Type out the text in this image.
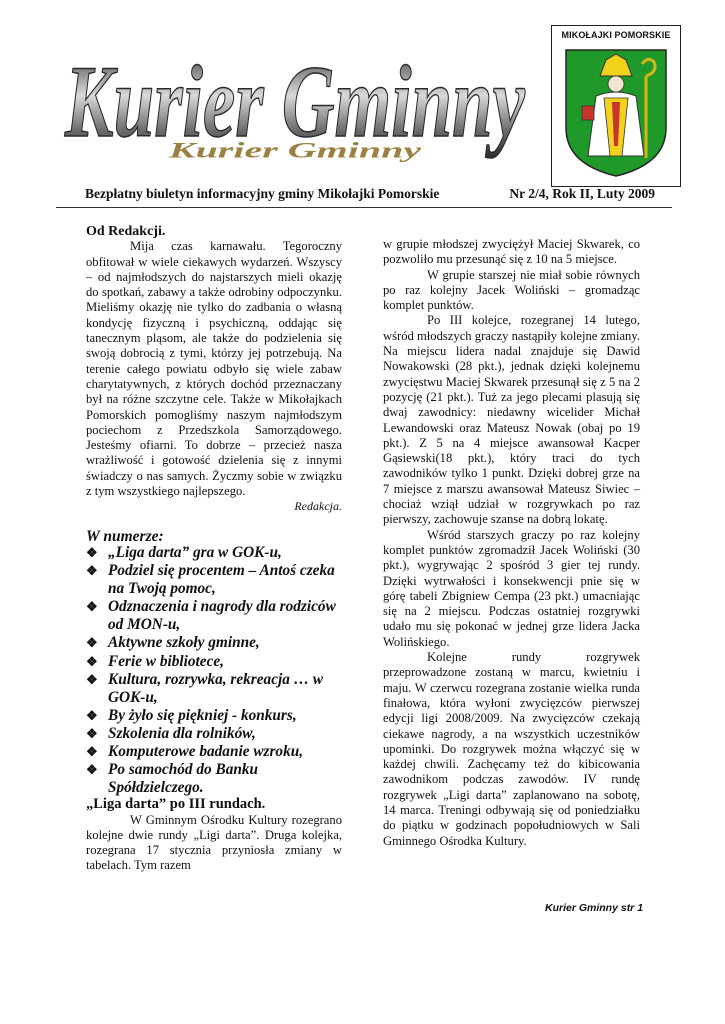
Kurier Gminny
Kurier Gminny
MIKOŁAJKI POMORSKIE
Bezpłatny biuletyn informacyjny gminy Mikołajki Pomorskie	Nr 2/4, Rok II, Luty 2009

Od Redakcji.

Mija czas karnawału. Tegoroczny obfitował w wiele ciekawych wydarzeń. Wszyscy – od najmłodszych do najstarszych mieli okazję do spotkań, zabawy a także odrobiny odpoczynku. Mieliśmy okazję nie tylko do zadbania o własną kondycję fizyczną i psychiczną, oddając się tanecznym pląsom, ale także do podzielenia się swoją dobrocią z tymi, którzy jej potrzebują. Na terenie całego powiatu odbyło się wiele zabaw charytatywnych, z których dochód przeznaczany był na różne szczytne cele. Także w Mikołajkach Pomorskich pomogliśmy naszym najmłodszym pociechom z Przedszkola Samorządowego. Jesteśmy ofiarni. To dobrze – przecież nasza wrażliwość i gotowość dzielenia się z innymi świadczy o nas samych. Życzmy sobie w związku z tym wszystkiego najlepszego.

Redakcja.

W numerze:
❖ „Liga darta” gra w GOK-u,
❖ Podziel się procentem – Antoś czeka na Twoją pomoc,
❖ Odznaczenia i nagrody dla rodziców od MON-u,
❖ Aktywne szkoły gminne,
❖ Ferie w bibliotece,
❖ Kultura, rozrywka, rekreacja … w GOK-u,
❖ By żyło się piękniej - konkurs,
❖ Szkolenia dla rolników,
❖ Komputerowe badanie wzroku,
❖ Po samochód do Banku Spółdzielczego.

„Liga darta” po III rundach.

W Gminnym Ośrodku Kultury rozegrano kolejne dwie rundy „Ligi darta”. Druga kolejka, rozegrana 17 stycznia przyniosła zmiany w tabelach. Tym razem

w grupie młodszej zwyciężył Maciej Skwarek, co pozwoliło mu przesunąć się z 10 na 5 miejsce.

W grupie starszej nie miał sobie równych po raz kolejny Jacek Woliński – gromadząc komplet punktów.

Po III kolejce, rozegranej 14 lutego, wśród młodszych graczy nastąpiły kolejne zmiany. Na miejscu lidera nadal znajduje się Dawid Nowakowski (28 pkt.), jednak dzięki kolejnemu zwycięstwu Maciej Skwarek przesunął się z 5 na 2 pozycję (21 pkt.). Tuż za jego plecami plasują się dwaj zawodnicy: niedawny wicelider Michał Lewandowski oraz Mateusz Nowak (obaj po 19 pkt.). Z 5 na 4 miejsce awansował Kacper Gąsiewski(18 pkt.), który traci do tych zawodników tylko 1 punkt. Dzięki dobrej grze na 7 miejsce z marszu awansował Mateusz Siwiec – chociaż wziął udział w rozgrywkach po raz pierwszy, zachowuje szanse na dobrą lokatę.

Wśród starszych graczy po raz kolejny komplet punktów zgromadził Jacek Woliński (30 pkt.), wygrywając 2 spośród 3 gier tej rundy. Dzięki wytrwałości i konsekwencji pnie się w górę tabeli Zbigniew Cempa (23 pkt.) umacniając się na 2 miejscu. Podczas ostatniej rozgrywki udało mu się pokonać w jednej grze lidera Jacka Wolińskiego.

Kolejne rundy rozgrywek przeprowadzone zostaną w marcu, kwietniu i maju. W czerwcu rozegrana zostanie wielka runda finałowa, która wyłoni zwycięzców pierwszej edycji ligi 2008/2009. Na zwycięzców czekają ciekawe nagrody, a na wszystkich uczestników upominki. Do rozgrywek można włączyć się w każdej chwili. Zachęcamy też do kibicowania zawodnikom podczas zawodów. IV rundę rozgrywek „Ligi darta” zaplanowano na sobotę, 14 marca. Treningi odbywają się od poniedziałku do piątku w godzinach popołudniowych w Sali Gminnego Ośrodka Kultury.

Kurier Gminny str 1
